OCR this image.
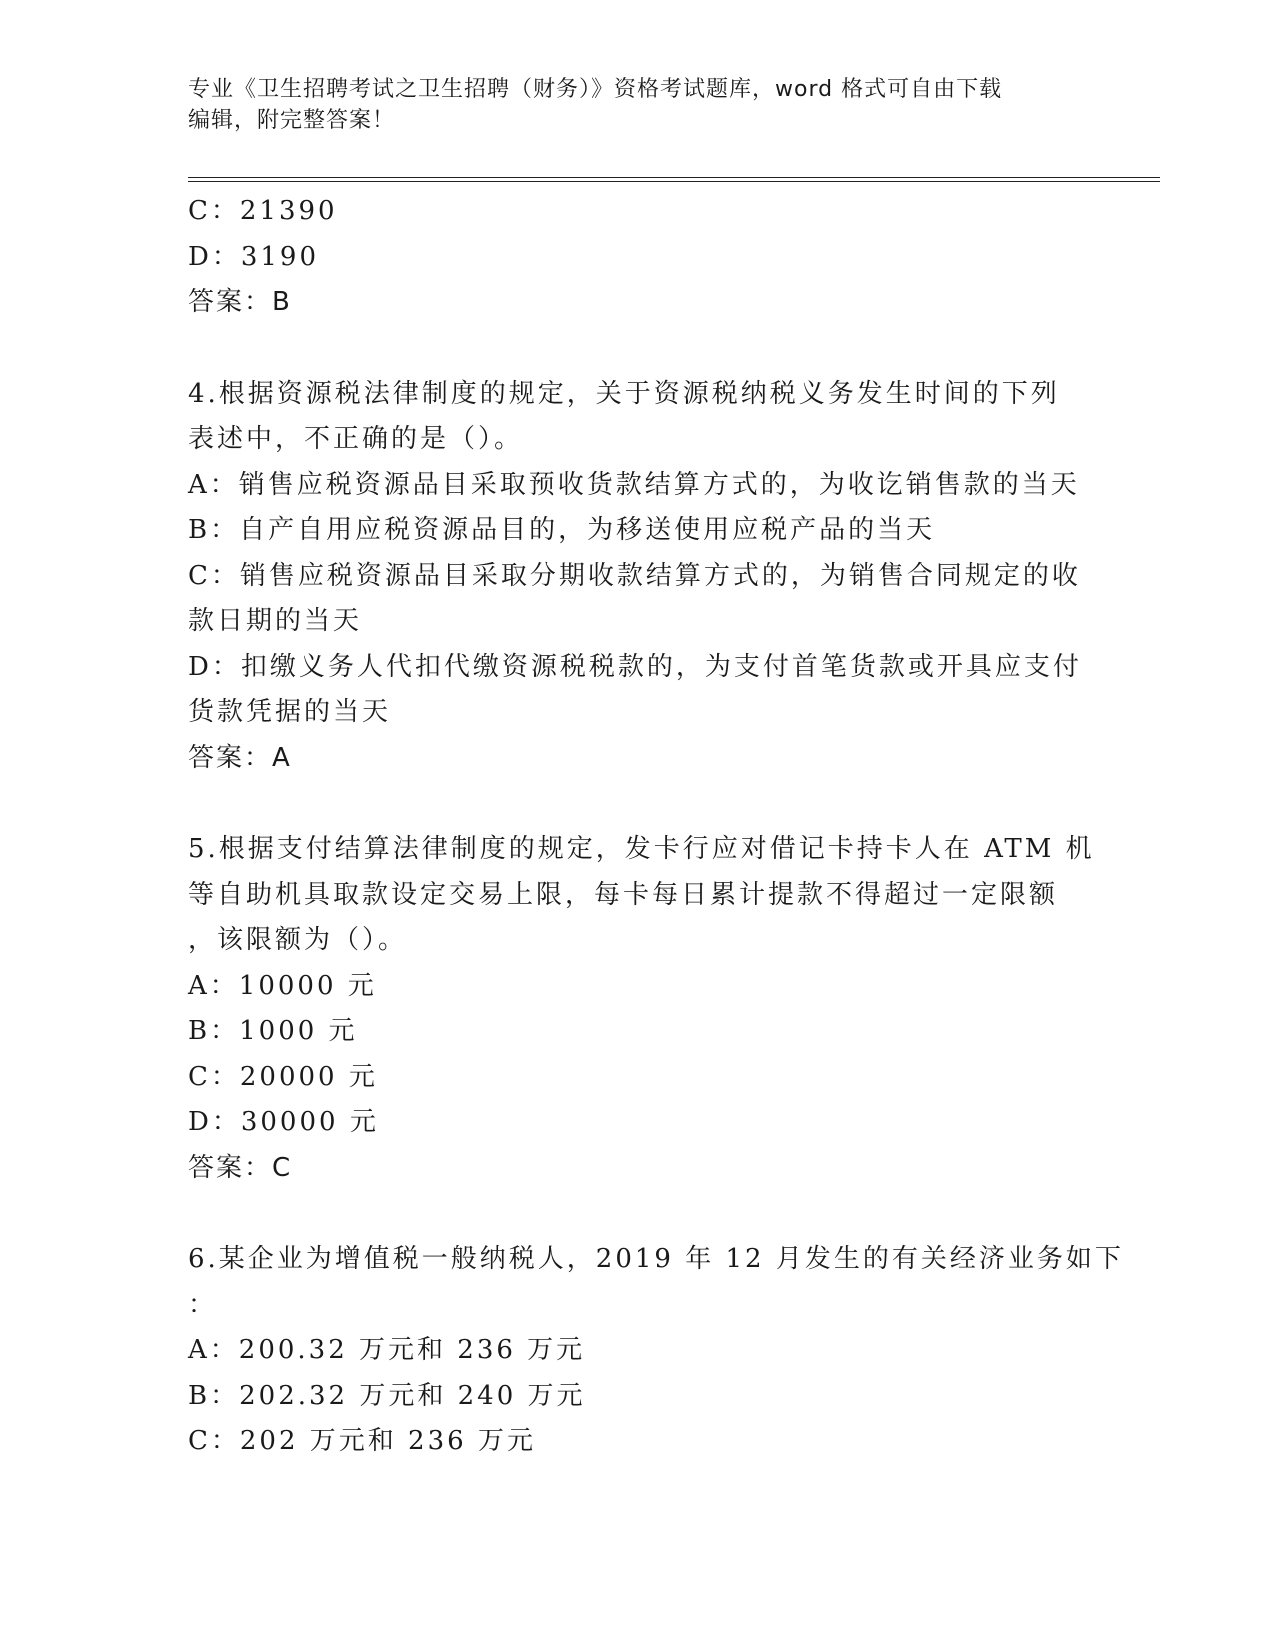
专业《卫生招聘考试之卫生招聘（财务）》资格考试题库，word 格式可自由下载
编辑，附完整答案！
C：21390
D：3190
答案：B
4.根据资源税法律制度的规定，关于资源税纳税义务发生时间的下列
表述中，不正确的是（）。
A：销售应税资源品目采取预收货款结算方式的，为收讫销售款的当天
B：自产自用应税资源品目的，为移送使用应税产品的当天
C：销售应税资源品目采取分期收款结算方式的，为销售合同规定的收
款日期的当天
D：扣缴义务人代扣代缴资源税税款的，为支付首笔货款或开具应支付
货款凭据的当天
答案：A
5.根据支付结算法律制度的规定，发卡行应对借记卡持卡人在 ATM 机
等自助机具取款设定交易上限，每卡每日累计提款不得超过一定限额
，该限额为（）。
A：10000 元
B：1000 元
C：20000 元
D：30000 元
答案：C
6.某企业为增值税一般纳税人，2019 年 12 月发生的有关经济业务如下
：
A：200.32 万元和 236 万元
B：202.32 万元和 240 万元
C：202 万元和 236 万元
